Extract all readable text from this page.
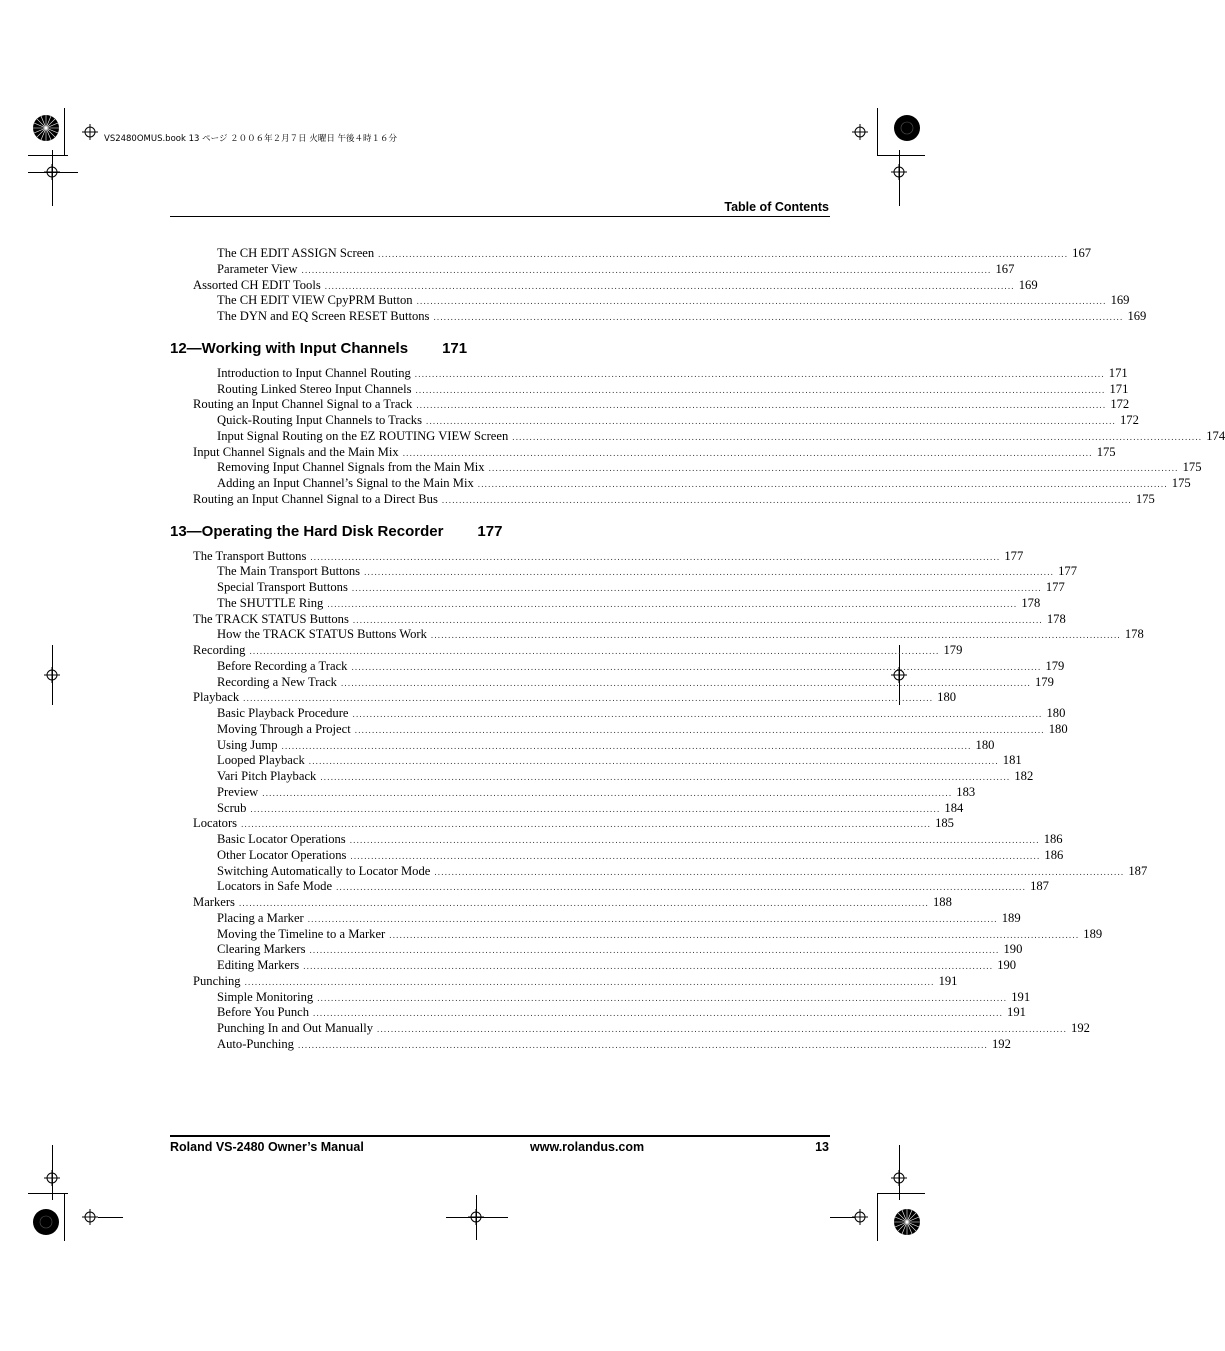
VS2480OMUS.book 13 ページ ２００６年２月７日 火曜日 午後４時１６分
Table of Contents
The CH EDIT ASSIGN Screen ........................................................................................................................................................................................................ 167
Parameter View ........................................................................................................................................................................................................ 167
Assorted CH EDIT Tools ........................................................................................................................................................................................................ 169
The CH EDIT VIEW CpyPRM Button ........................................................................................................................................................................................................ 169
The DYN and EQ Screen RESET Buttons ........................................................................................................................................................................................................ 169
12—Working with Input Channels 171
Introduction to Input Channel Routing ........................................................................................................................................................................................................ 171
Routing Linked Stereo Input Channels ........................................................................................................................................................................................................ 171
Routing an Input Channel Signal to a Track ........................................................................................................................................................................................................ 172
Quick-Routing Input Channels to Tracks ........................................................................................................................................................................................................ 172
Input Signal Routing on the EZ ROUTING VIEW Screen ........................................................................................................................................................................................................ 174
Input Channel Signals and the Main Mix ........................................................................................................................................................................................................ 175
Removing Input Channel Signals from the Main Mix ........................................................................................................................................................................................................ 175
Adding an Input Channel’s Signal to the Main Mix ........................................................................................................................................................................................................ 175
Routing an Input Channel Signal to a Direct Bus ........................................................................................................................................................................................................ 175
13—Operating the Hard Disk Recorder 177
The Transport Buttons ........................................................................................................................................................................................................ 177
The Main Transport Buttons ........................................................................................................................................................................................................ 177
Special Transport Buttons ........................................................................................................................................................................................................ 177
The SHUTTLE Ring ........................................................................................................................................................................................................ 178
The TRACK STATUS Buttons ........................................................................................................................................................................................................ 178
How the TRACK STATUS Buttons Work ........................................................................................................................................................................................................ 178
Recording ........................................................................................................................................................................................................ 179
Before Recording a Track ........................................................................................................................................................................................................ 179
Recording a New Track ........................................................................................................................................................................................................ 179
Playback ........................................................................................................................................................................................................ 180
Basic Playback Procedure ........................................................................................................................................................................................................ 180
Moving Through a Project ........................................................................................................................................................................................................ 180
Using Jump ........................................................................................................................................................................................................ 180
Looped Playback ........................................................................................................................................................................................................ 181
Vari Pitch Playback ........................................................................................................................................................................................................ 182
Preview ........................................................................................................................................................................................................ 183
Scrub ........................................................................................................................................................................................................ 184
Locators ........................................................................................................................................................................................................ 185
Basic Locator Operations ........................................................................................................................................................................................................ 186
Other Locator Operations ........................................................................................................................................................................................................ 186
Switching Automatically to Locator Mode ........................................................................................................................................................................................................ 187
Locators in Safe Mode ........................................................................................................................................................................................................ 187
Markers ........................................................................................................................................................................................................ 188
Placing a Marker ........................................................................................................................................................................................................ 189
Moving the Timeline to a Marker ........................................................................................................................................................................................................ 189
Clearing Markers ........................................................................................................................................................................................................ 190
Editing Markers ........................................................................................................................................................................................................ 190
Punching ........................................................................................................................................................................................................ 191
Simple Monitoring ........................................................................................................................................................................................................ 191
Before You Punch ........................................................................................................................................................................................................ 191
Punching In and Out Manually ........................................................................................................................................................................................................ 192
Auto-Punching ........................................................................................................................................................................................................ 192
Roland VS-2480 Owner’s Manual	www.rolandus.com	13
